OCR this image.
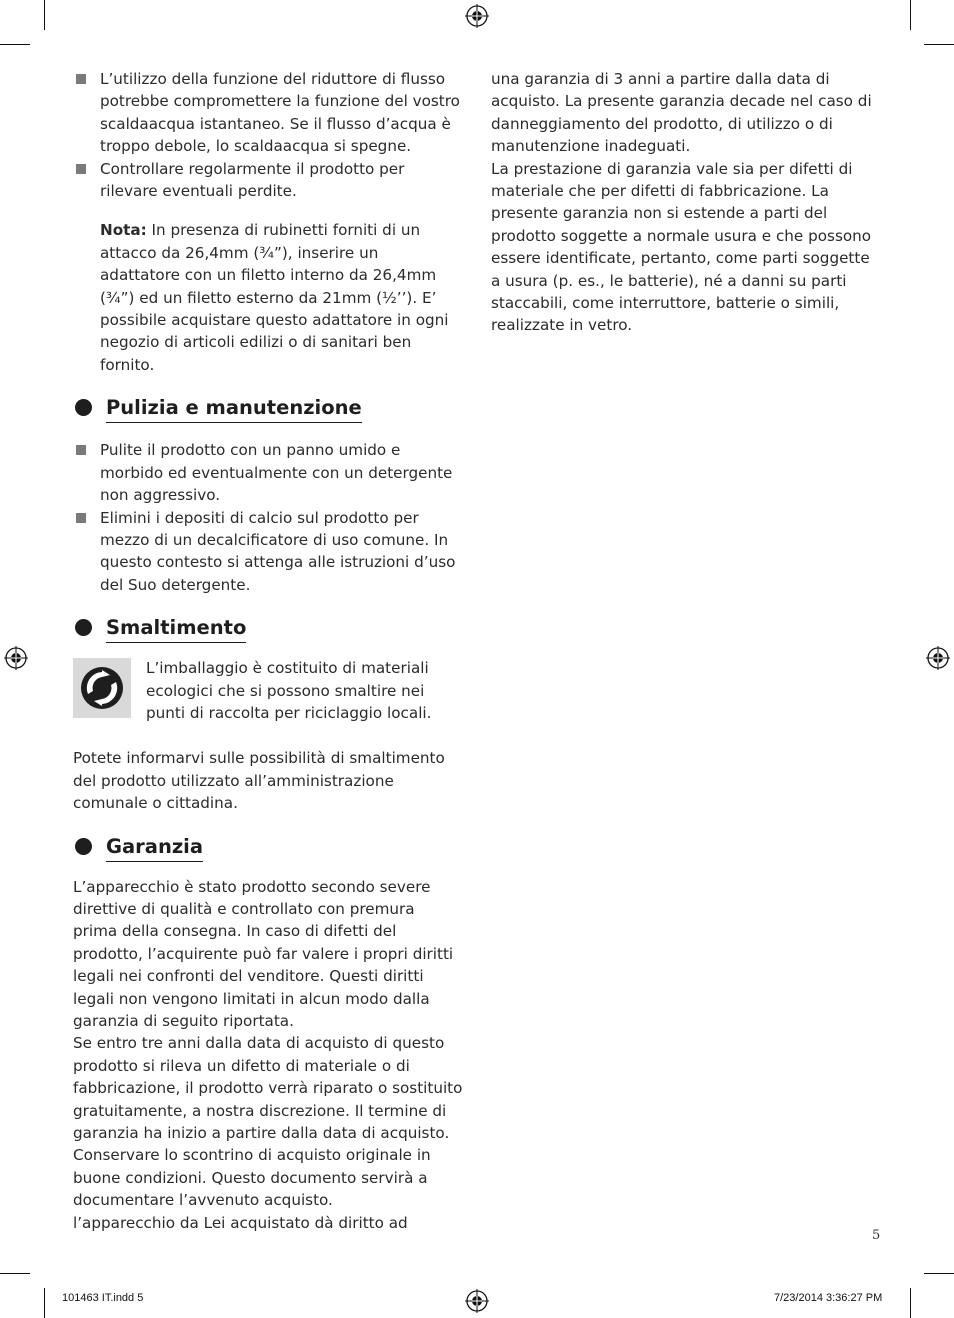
L’utilizzo della funzione del riduttore di flusso potrebbe compromettere la funzione del vostro scaldaacqua istantaneo. Se il flusso d’acqua è troppo debole, lo scaldaacqua si spegne.

Controllare regolarmente il prodotto per rilevare eventuali perdite.

Nota: In presenza di rubinetti forniti di un attacco da 26,4mm (¾”), inserire un adattatore con un filetto interno da 26,4mm (¾”) ed un filetto esterno da 21mm (½’’). E’ possibile acquistare questo adattatore in ogni negozio di articoli edilizi o di sanitari ben fornito.

Pulizia e manutenzione

Pulite il prodotto con un panno umido e morbido ed eventualmente con un detergente non aggressivo.

Elimini i depositi di calcio sul prodotto per mezzo di un decalcificatore di uso comune. In questo contesto si attenga alle istruzioni d’uso del Suo detergente.

Smaltimento

L’imballaggio è costituito di materiali ecologici che si possono smaltire nei punti di raccolta per riciclaggio locali.

Potete informarvi sulle possibilità di smaltimento del prodotto utilizzato all’amministrazione comunale o cittadina.

Garanzia

L’apparecchio è stato prodotto secondo severe direttive di qualità e controllato con premura prima della consegna. In caso di difetti del prodotto, l’acquirente può far valere i propri diritti legali nei confronti del venditore. Questi diritti legali non vengono limitati in alcun modo dalla garanzia di seguito riportata.

Se entro tre anni dalla data di acquisto di questo prodotto si rileva un difetto di materiale o di fabbricazione, il prodotto verrà riparato o sostituito gratuitamente, a nostra discrezione. Il termine di garanzia ha inizio a partire dalla data di acquisto. Conservare lo scontrino di acquisto originale in buone condizioni. Questo documento servirà a documentare l’avvenuto acquisto.

l’apparecchio da Lei acquistato dà diritto ad

una garanzia di 3 anni a partire dalla data di acquisto. La presente garanzia decade nel caso di danneggiamento del prodotto, di utilizzo o di manutenzione inadeguati.

La prestazione di garanzia vale sia per difetti di materiale che per difetti di fabbricazione. La presente garanzia non si estende a parti del prodotto soggette a normale usura e che possono essere identificate, pertanto, come parti soggette a usura (p. es., le batterie), né a danni su parti staccabili, come interruttore, batterie o simili, realizzate in vetro.

5
101463 IT.indd 5	7/23/2014 3:36:27 PM
